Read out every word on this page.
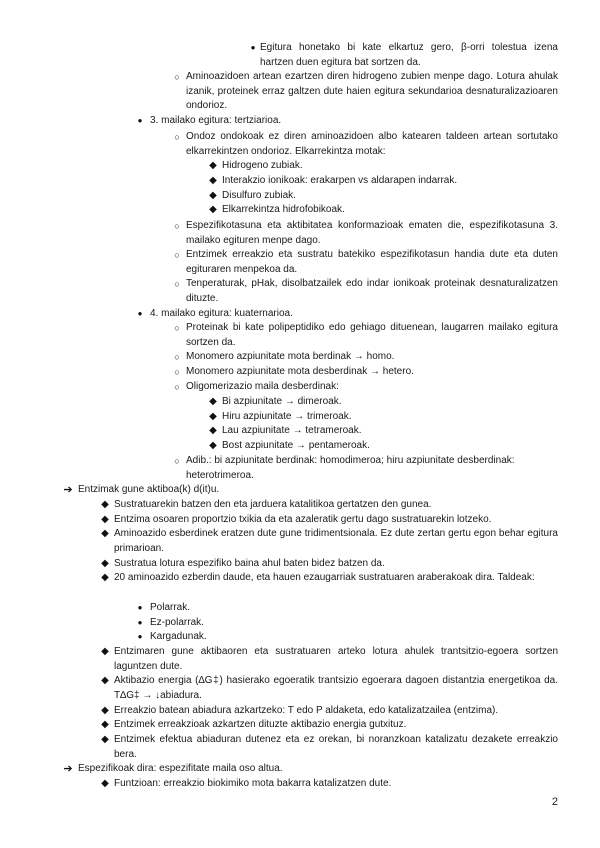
● Egitura honetako bi kate elkartuz gero, β-orri tolestua izena hartzen duen egitura bat sortzen da.
○ Aminoazidoen artean ezartzen diren hidrogeno zubien menpe dago. Lotura ahulak izanik, proteinek erraz galtzen dute haien egitura sekundarioa desnaturalizazioaren ondorioz.
● 3. mailako egitura: tertziarioa.
○ Ondoz ondokoak ez diren aminoazidoen albo katearen taldeen artean sortutako elkarrekintzen ondorioz. Elkarrekintza motak:
◆ Hidrogeno zubiak.
◆ Interakzio ionikoak: erakarpen vs aldarapen indarrak.
◆ Disulfuro zubiak.
◆ Elkarrekintza hidrofobikoak.
○ Espezifikotasuna eta aktibitatea konformazioak ematen die, espezifikotasuna 3. mailako egituren menpe dago.
○ Entzimek erreakzio eta sustratu batekiko espezifikotasun handia dute eta duten egituraren menpekoa da.
○ Tenperaturak, pHak, disolbatzailek edo indar ionikoak proteinak desnaturalizatzen dituzte.
● 4. mailako egitura: kuaternarioa.
○ Proteinak bi kate polipeptidiko edo gehiago dituenean, laugarren mailako egitura sortzen da.
○ Monomero azpiunitate mota berdinak → homo.
○ Monomero azpiunitate mota desberdinak → hetero.
○ Oligomerizazio maila desberdinak:
◆ Bi azpiunitate → dimeroak.
◆ Hiru azpiunitate → trimeroak.
◆ Lau azpiunitate → tetrameroak.
◆ Bost azpiunitate → pentameroak.
○ Adib.: bi azpiunitate berdinak: homodimeroa; hiru azpiunitate desberdinak: heterotrimeroa.
➔ Entzimak gune aktiboa(k) d(it)u.
◆ Sustratuarekin batzen den eta jarduera katalitikoa gertatzen den gunea.
◆ Entzima osoaren proportzio txikia da eta azaleratik gertu dago sustratuarekin lotzeko.
◆ Aminoazido esberdinek eratzen dute gune tridimentsionala. Ez dute zertan gertu egon behar egitura primarioan.
◆ Sustratua lotura espezifiko baina ahul baten bidez batzen da.
◆ 20 aminoazido ezberdin daude, eta hauen ezaugarriak sustratuaren araberakoak dira. Taldeak:
● Polarrak.
● Ez-polarrak.
● Kargadunak.
◆ Entzimaren gune aktibaoren eta sustratuaren arteko lotura ahulek trantsitzio-egoera sortzen laguntzen dute.
◆ Aktibazio energia (∆G‡) hasierako egoeratik trantsizio egoerara dagoen distantzia energetikoa da. T∆G‡ → ↓abiadura.
◆ Erreakzio batean abiadura azkartzeko: T edo P aldaketa, edo katalizatzailea (entzima).
◆ Entzimek erreakzioak azkartzen dituzte aktibazio energia gutxituz.
◆ Entzimek efektua abiaduran dutenez eta ez orekan, bi noranzkoan katalizatu dezakete erreakzio bera.
➔ Espezifikoak dira: espezifitate maila oso altua.
◆ Funtzioan: erreakzio biokimiko mota bakarra katalizatzen dute.
2
